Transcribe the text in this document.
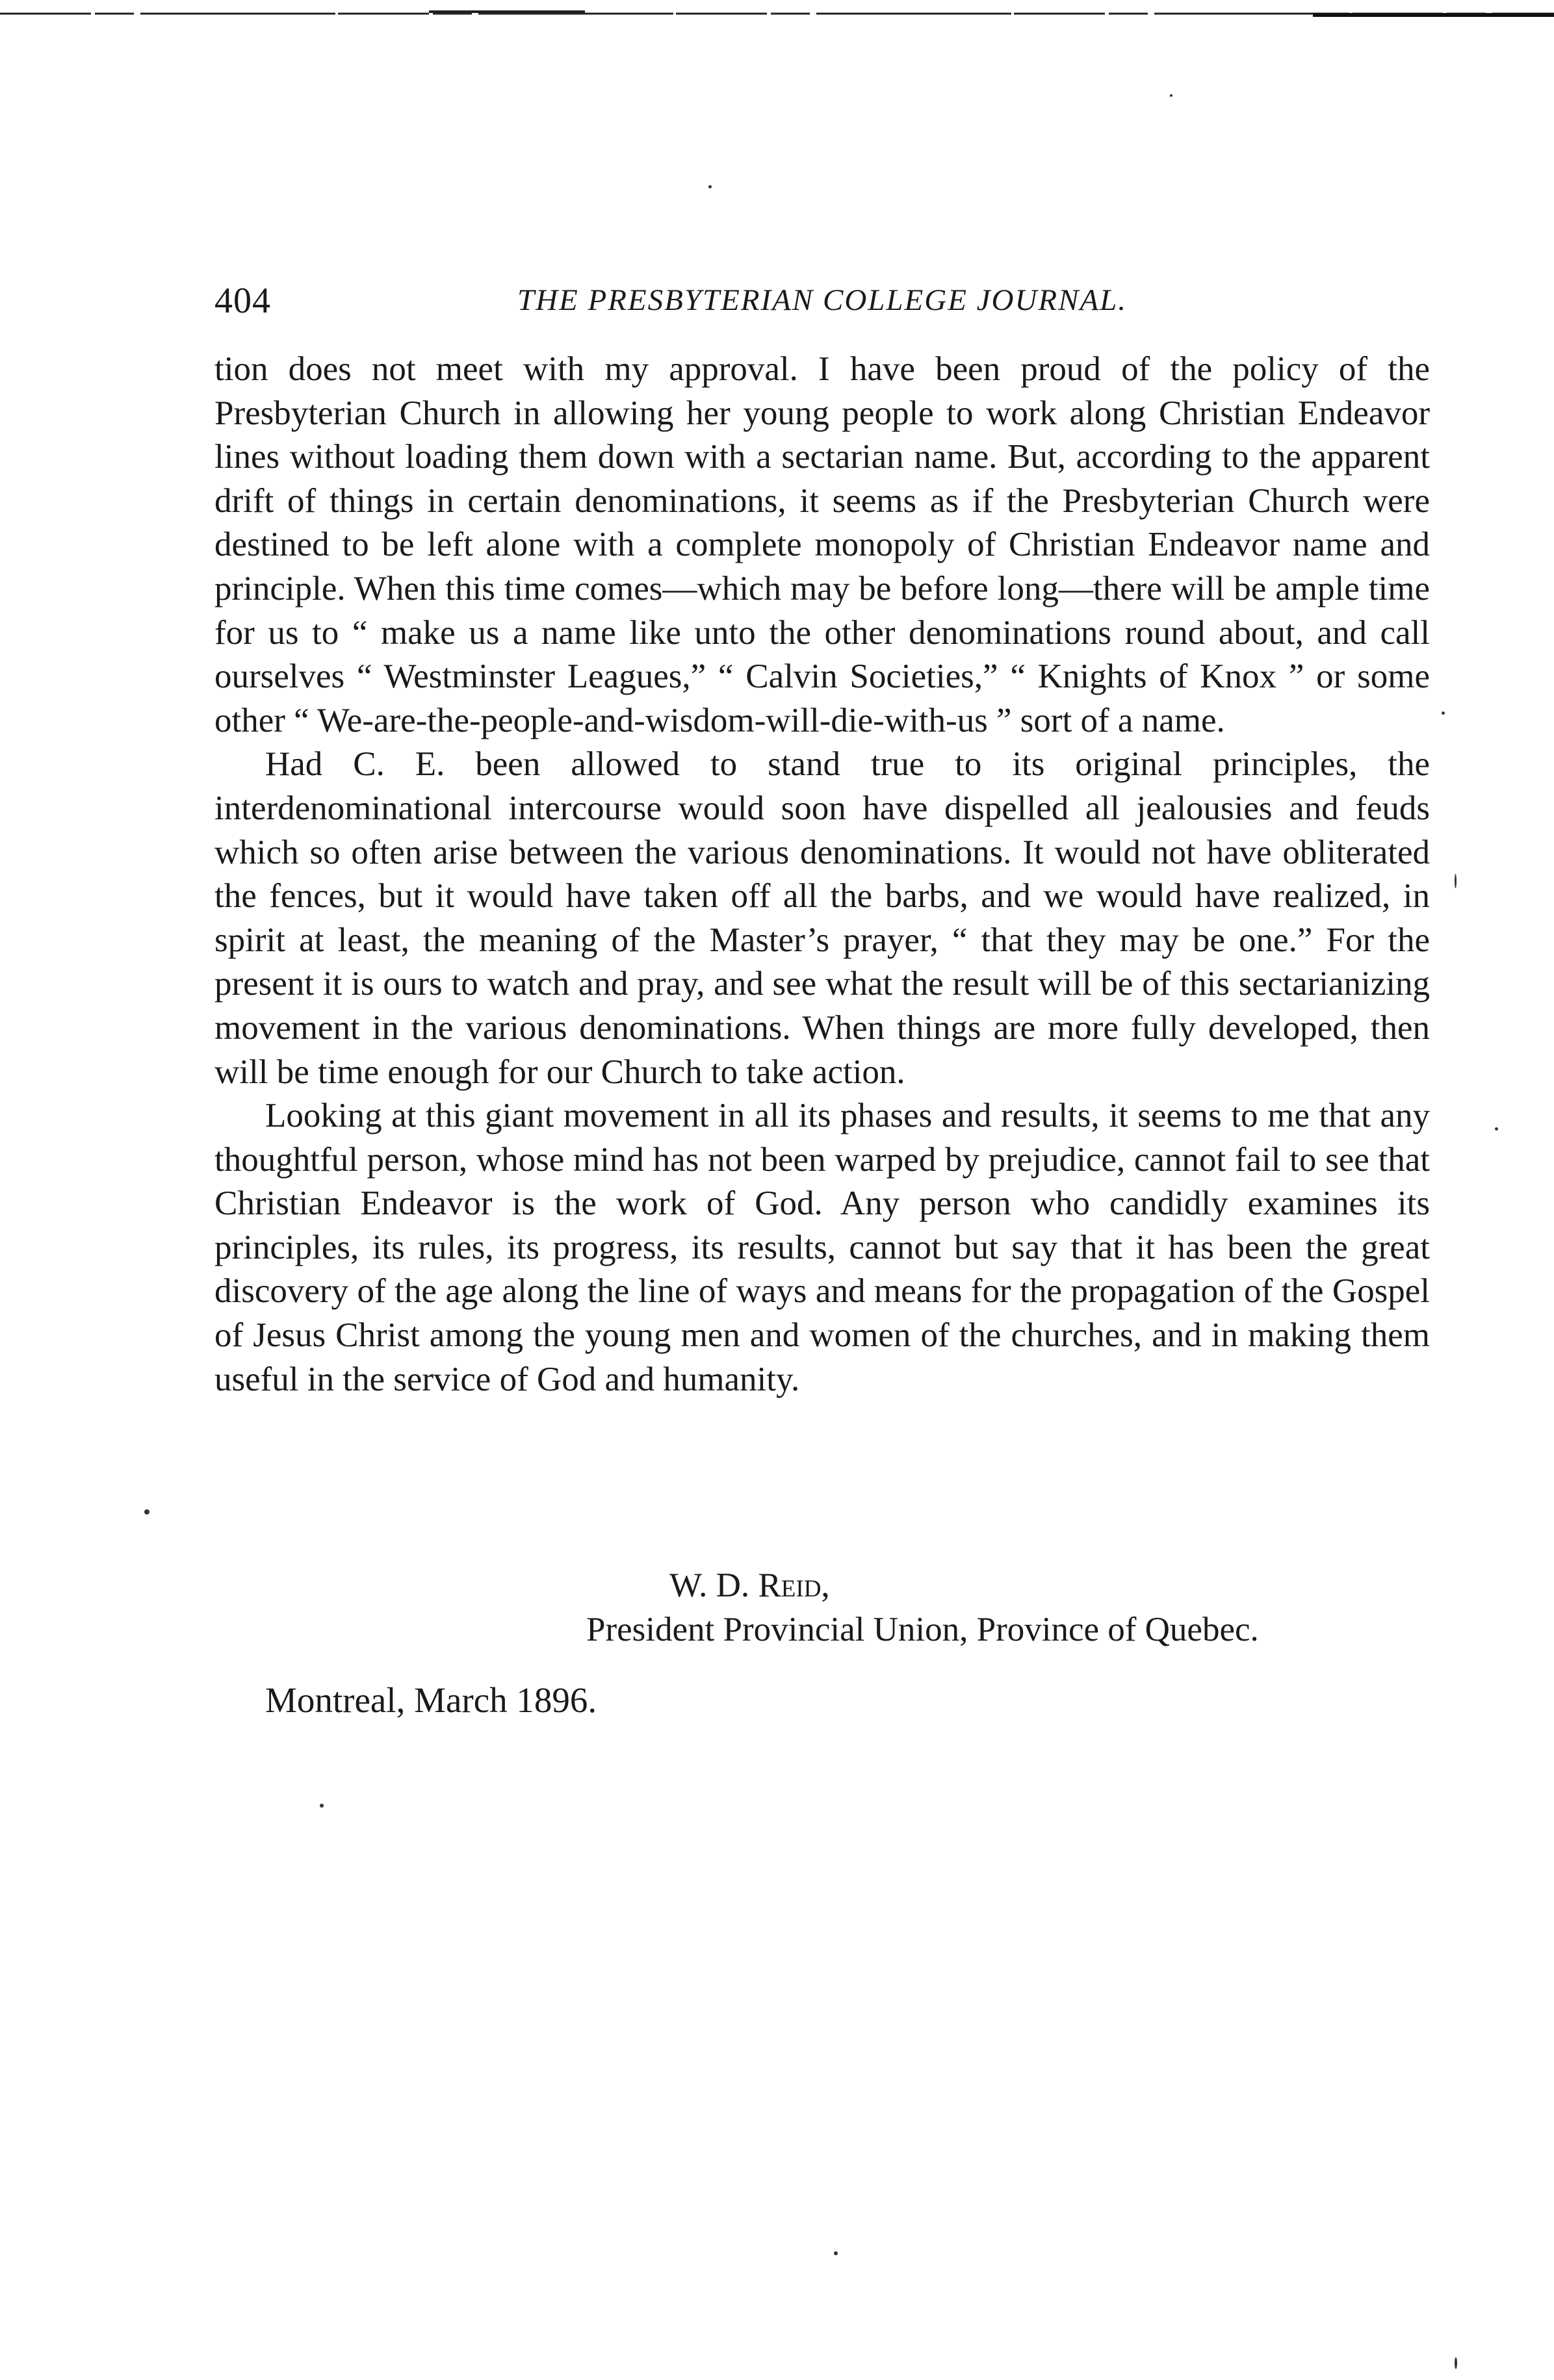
404	THE PRESBYTERIAN COLLEGE JOURNAL.

tion does not meet with my approval. I have been proud of the policy of the Presbyterian Church in allowing her young people to work along Christian Endeavor lines without loading them down with a sectarian name. But, according to the apparent drift of things in certain denominations, it seems as if the Presbyterian Church were destined to be left alone with a complete monopoly of Christian Endeavor name and principle. When this time comes—which may be before long—there will be ample time for us to “ make us a name like unto the other denominations round about, and call ourselves “ Westminster Leagues,” “ Calvin Societies,” “ Knights of Knox ” or some other “ We-are-the-people-and-wisdom-will-die-with-us ” sort of a name.

Had C. E. been allowed to stand true to its original principles, the interdenominational intercourse would soon have dispelled all jealousies and feuds which so often arise between the various denominations. It would not have obliterated the fences, but it would have taken off all the barbs, and we would have realized, in spirit at least, the meaning of the Master’s prayer, “ that they may be one.” For the present it is ours to watch and pray, and see what the result will be of this sectarianizing movement in the various denominations. When things are more fully developed, then will be time enough for our Church to take action.

Looking at this giant movement in all its phases and results, it seems to me that any thoughtful person, whose mind has not been warped by prejudice, cannot fail to see that Christian Endeavor is the work of God. Any person who candidly examines its principles, its rules, its progress, its results, cannot but say that it has been the great discovery of the age along the line of ways and means for the propagation of the Gospel of Jesus Christ among the young men and women of the churches, and in making them useful in the service of God and humanity.

W. D. Reid,
President Provincial Union, Province of Quebec.
Montreal, March 1896.
